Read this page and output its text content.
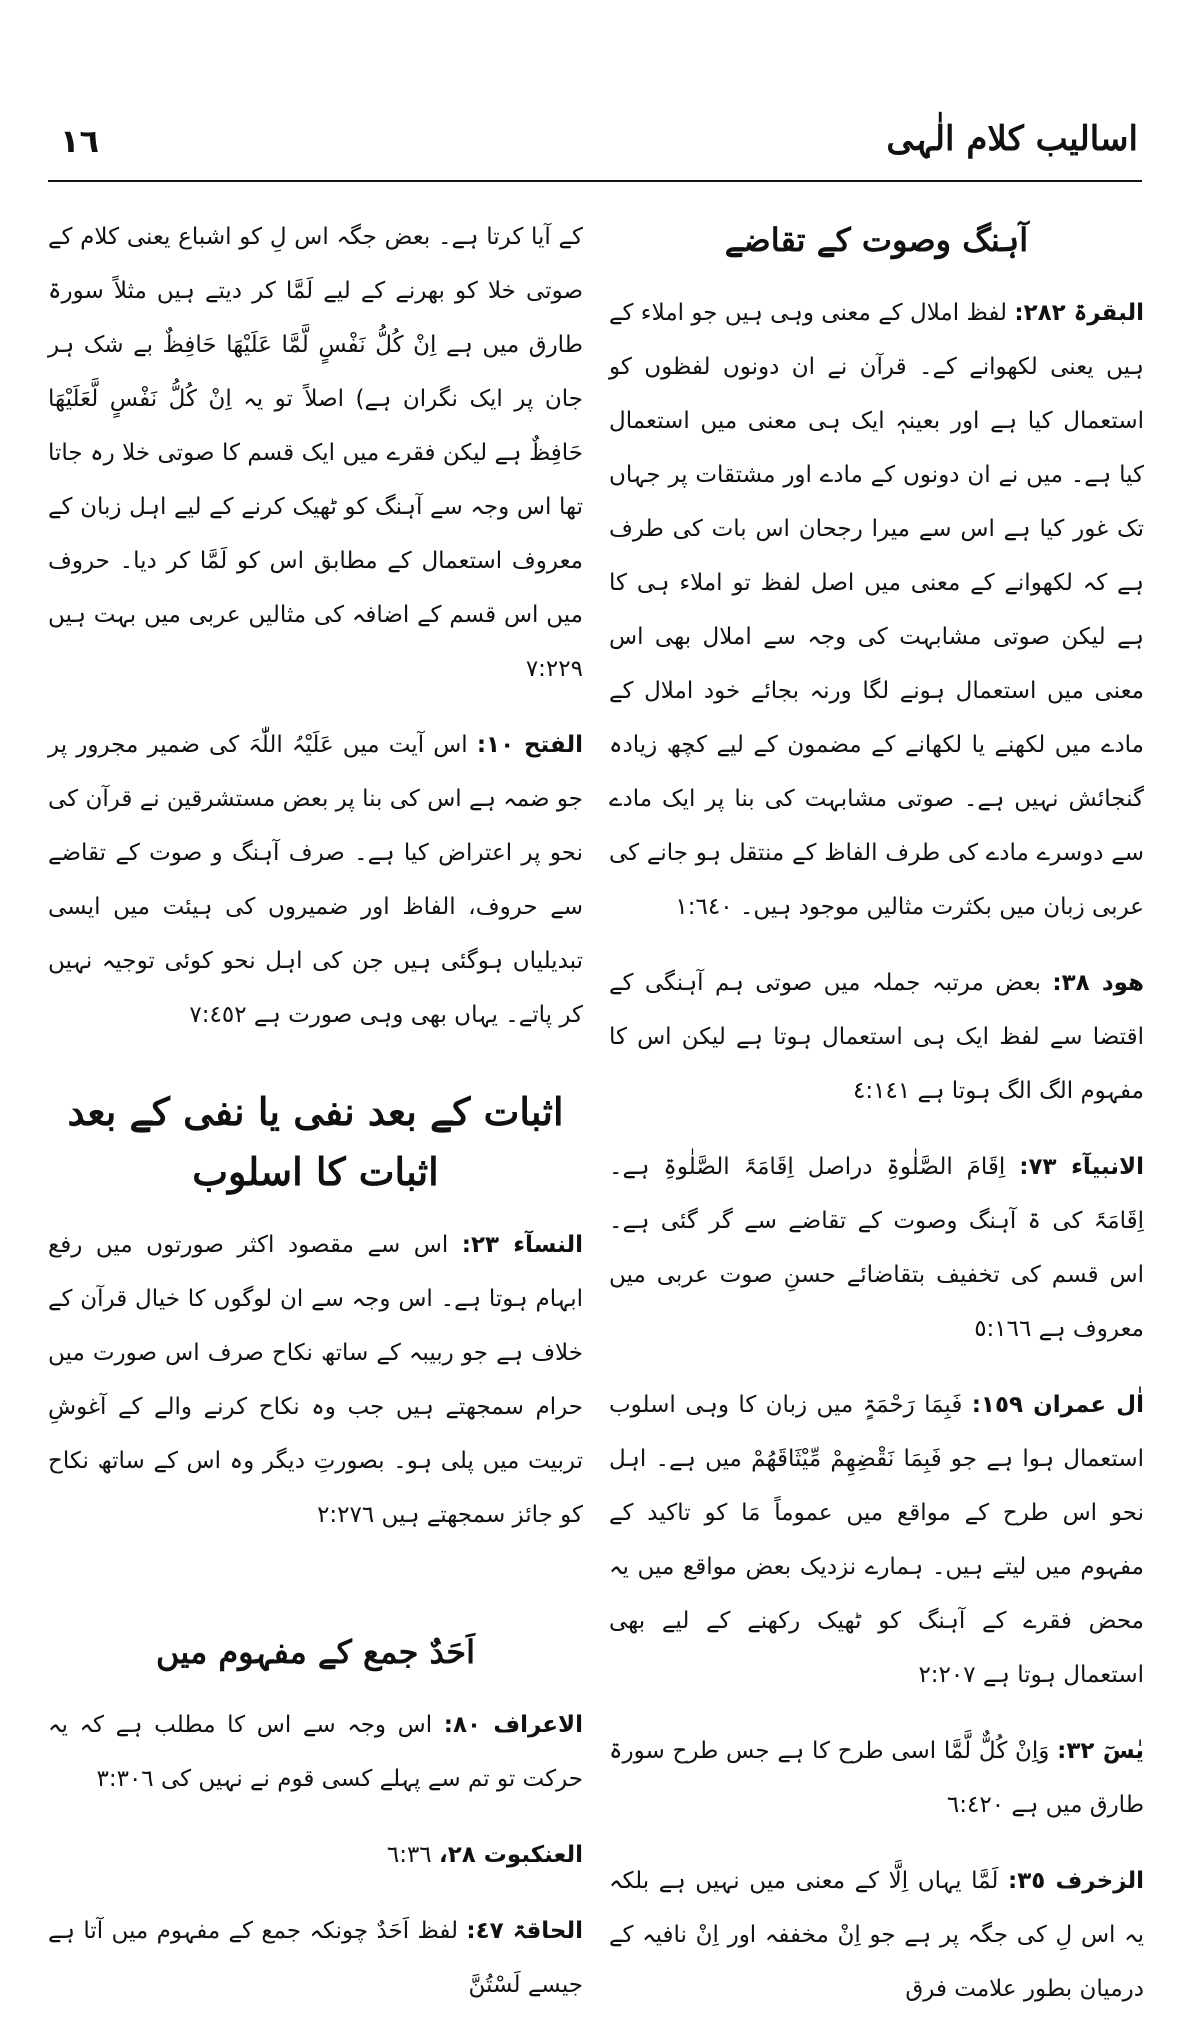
اسالیب کلام الٰہی
١٦
آہنگ وصوت کے تقاضے

البقرۃ ٢٨٢: لفظ املال کے معنی وہی ہیں جو املاء کے ہیں یعنی لکھوانے کے۔ قرآن نے ان دونوں لفظوں کو استعمال کیا ہے اور بعینہٖ ایک ہی معنی میں استعمال کیا ہے۔ میں نے ان دونوں کے مادے اور مشتقات پر جہاں تک غور کیا ہے اس سے میرا رجحان اس بات کی طرف ہے کہ لکھوانے کے معنی میں اصل لفظ تو املاء ہی کا ہے لیکن صوتی مشابہت کی وجہ سے املال بھی اس معنی میں استعمال ہونے لگا ورنہ بجائے خود املال کے مادے میں لکھنے یا لکھانے کے مضمون کے لیے کچھ زیادہ گنجائش نہیں ہے۔ صوتی مشابہت کی بنا پر ایک مادے سے دوسرے مادے کی طرف الفاظ کے منتقل ہو جانے کی عربی زبان میں بکثرت مثالیں موجود ہیں۔ ١:٦٤٠

ھود ٣٨: بعض مرتبہ جملہ میں صوتی ہم آہنگی کے اقتضا سے لفظ ایک ہی استعمال ہوتا ہے لیکن اس کا مفہوم الگ الگ ہوتا ہے ٤:١٤١

الانبیآء ٧٣: اِقَامَ الصَّلٰوۃِ دراصل اِقَامَۃَ الصَّلٰوۃِ ہے۔ اِقَامَۃَ کی ۃ آہنگ وصوت کے تقاضے سے گر گئی ہے۔ اس قسم کی تخفیف بتقاضائے حسنِ صوت عربی میں معروف ہے ٥:١٦٦

اٰل عمران ١٥٩: فَبِمَا رَحْمَۃٍ میں زبان کا وہی اسلوب استعمال ہوا ہے جو فَبِمَا نَقْضِھِمْ مِّیْثَاقَھُمْ میں ہے۔ اہل نحو اس طرح کے مواقع میں عموماً مَا کو تاکید کے مفہوم میں لیتے ہیں۔ ہمارے نزدیک بعض مواقع میں یہ محض فقرے کے آہنگ کو ٹھیک رکھنے کے لیے بھی استعمال ہوتا ہے ٢:٢٠٧

یٰسٓ ٣٢: وَاِنْ کُلٌّ لَّمَّا اسی طرح کا ہے جس طرح سورۃ طارق میں ہے ٦:٤٢٠

الزخرف ٣٥: لَمَّا یہاں اِلَّا کے معنی میں نہیں ہے بلکہ یہ اس لِ کی جگہ پر ہے جو اِنْ مخففہ اور اِنْ نافیہ کے درمیان بطور علامت فرق

کے آیا کرتا ہے۔ بعض جگہ اس لِ کو اشباع یعنی کلام کے صوتی خلا کو بھرنے کے لیے لَمَّا کر دیتے ہیں مثلاً سورۃ طارق میں ہے اِنْ کُلُّ نَفْسٍ لَّمَّا عَلَیْھَا حَافِظٌ بے شک ہر جان پر ایک نگران ہے) اصلاً تو یہ اِنْ کُلُّ نَفْسٍ لَّعَلَیْھَا حَافِظٌ ہے لیکن فقرے میں ایک قسم کا صوتی خلا رہ جاتا تھا اس وجہ سے آہنگ کو ٹھیک کرنے کے لیے اہل زبان کے معروف استعمال کے مطابق اس کو لَمَّا کر دیا۔ حروف میں اس قسم کے اضافہ کی مثالیں عربی میں بہت ہیں ٧:٢٢٩

الفتح ١٠: اس آیت میں عَلَیْہُ اللّٰہَ کی ضمیر مجرور پر جو ضمہ ہے اس کی بنا پر بعض مستشرقین نے قرآن کی نحو پر اعتراض کیا ہے۔ صرف آہنگ و صوت کے تقاضے سے حروف، الفاظ اور ضمیروں کی ہیئت میں ایسی تبدیلیاں ہوگئی ہیں جن کی اہل نحو کوئی توجیہ نہیں کر پاتے۔ یہاں بھی وہی صورت ہے ٧:٤٥٢

اثبات کے بعد نفی یا نفی کے بعد اثبات کا اسلوب

النسآء ٢٣: اس سے مقصود اکثر صورتوں میں رفع ابہام ہوتا ہے۔ اس وجہ سے ان لوگوں کا خیال قرآن کے خلاف ہے جو ربیبہ کے ساتھ نکاح صرف اس صورت میں حرام سمجھتے ہیں جب وہ نکاح کرنے والے کے آغوشِ تربیت میں پلی ہو۔ بصورتِ دیگر وہ اس کے ساتھ نکاح کو جائز سمجھتے ہیں ٢:٢٧٦

اَحَدٌ جمع کے مفہوم میں

الاعراف ٨٠: اس وجہ سے اس کا مطلب ہے کہ یہ حرکت تو تم سے پہلے کسی قوم نے نہیں کی ٣:٣٠٦

العنکبوت ٢٨، ٦:٣٦

الحاقۃ ٤٧: لفظ اَحَدٌ چونکہ جمع کے مفہوم میں آتا ہے جیسے لَسْتُنَّ
